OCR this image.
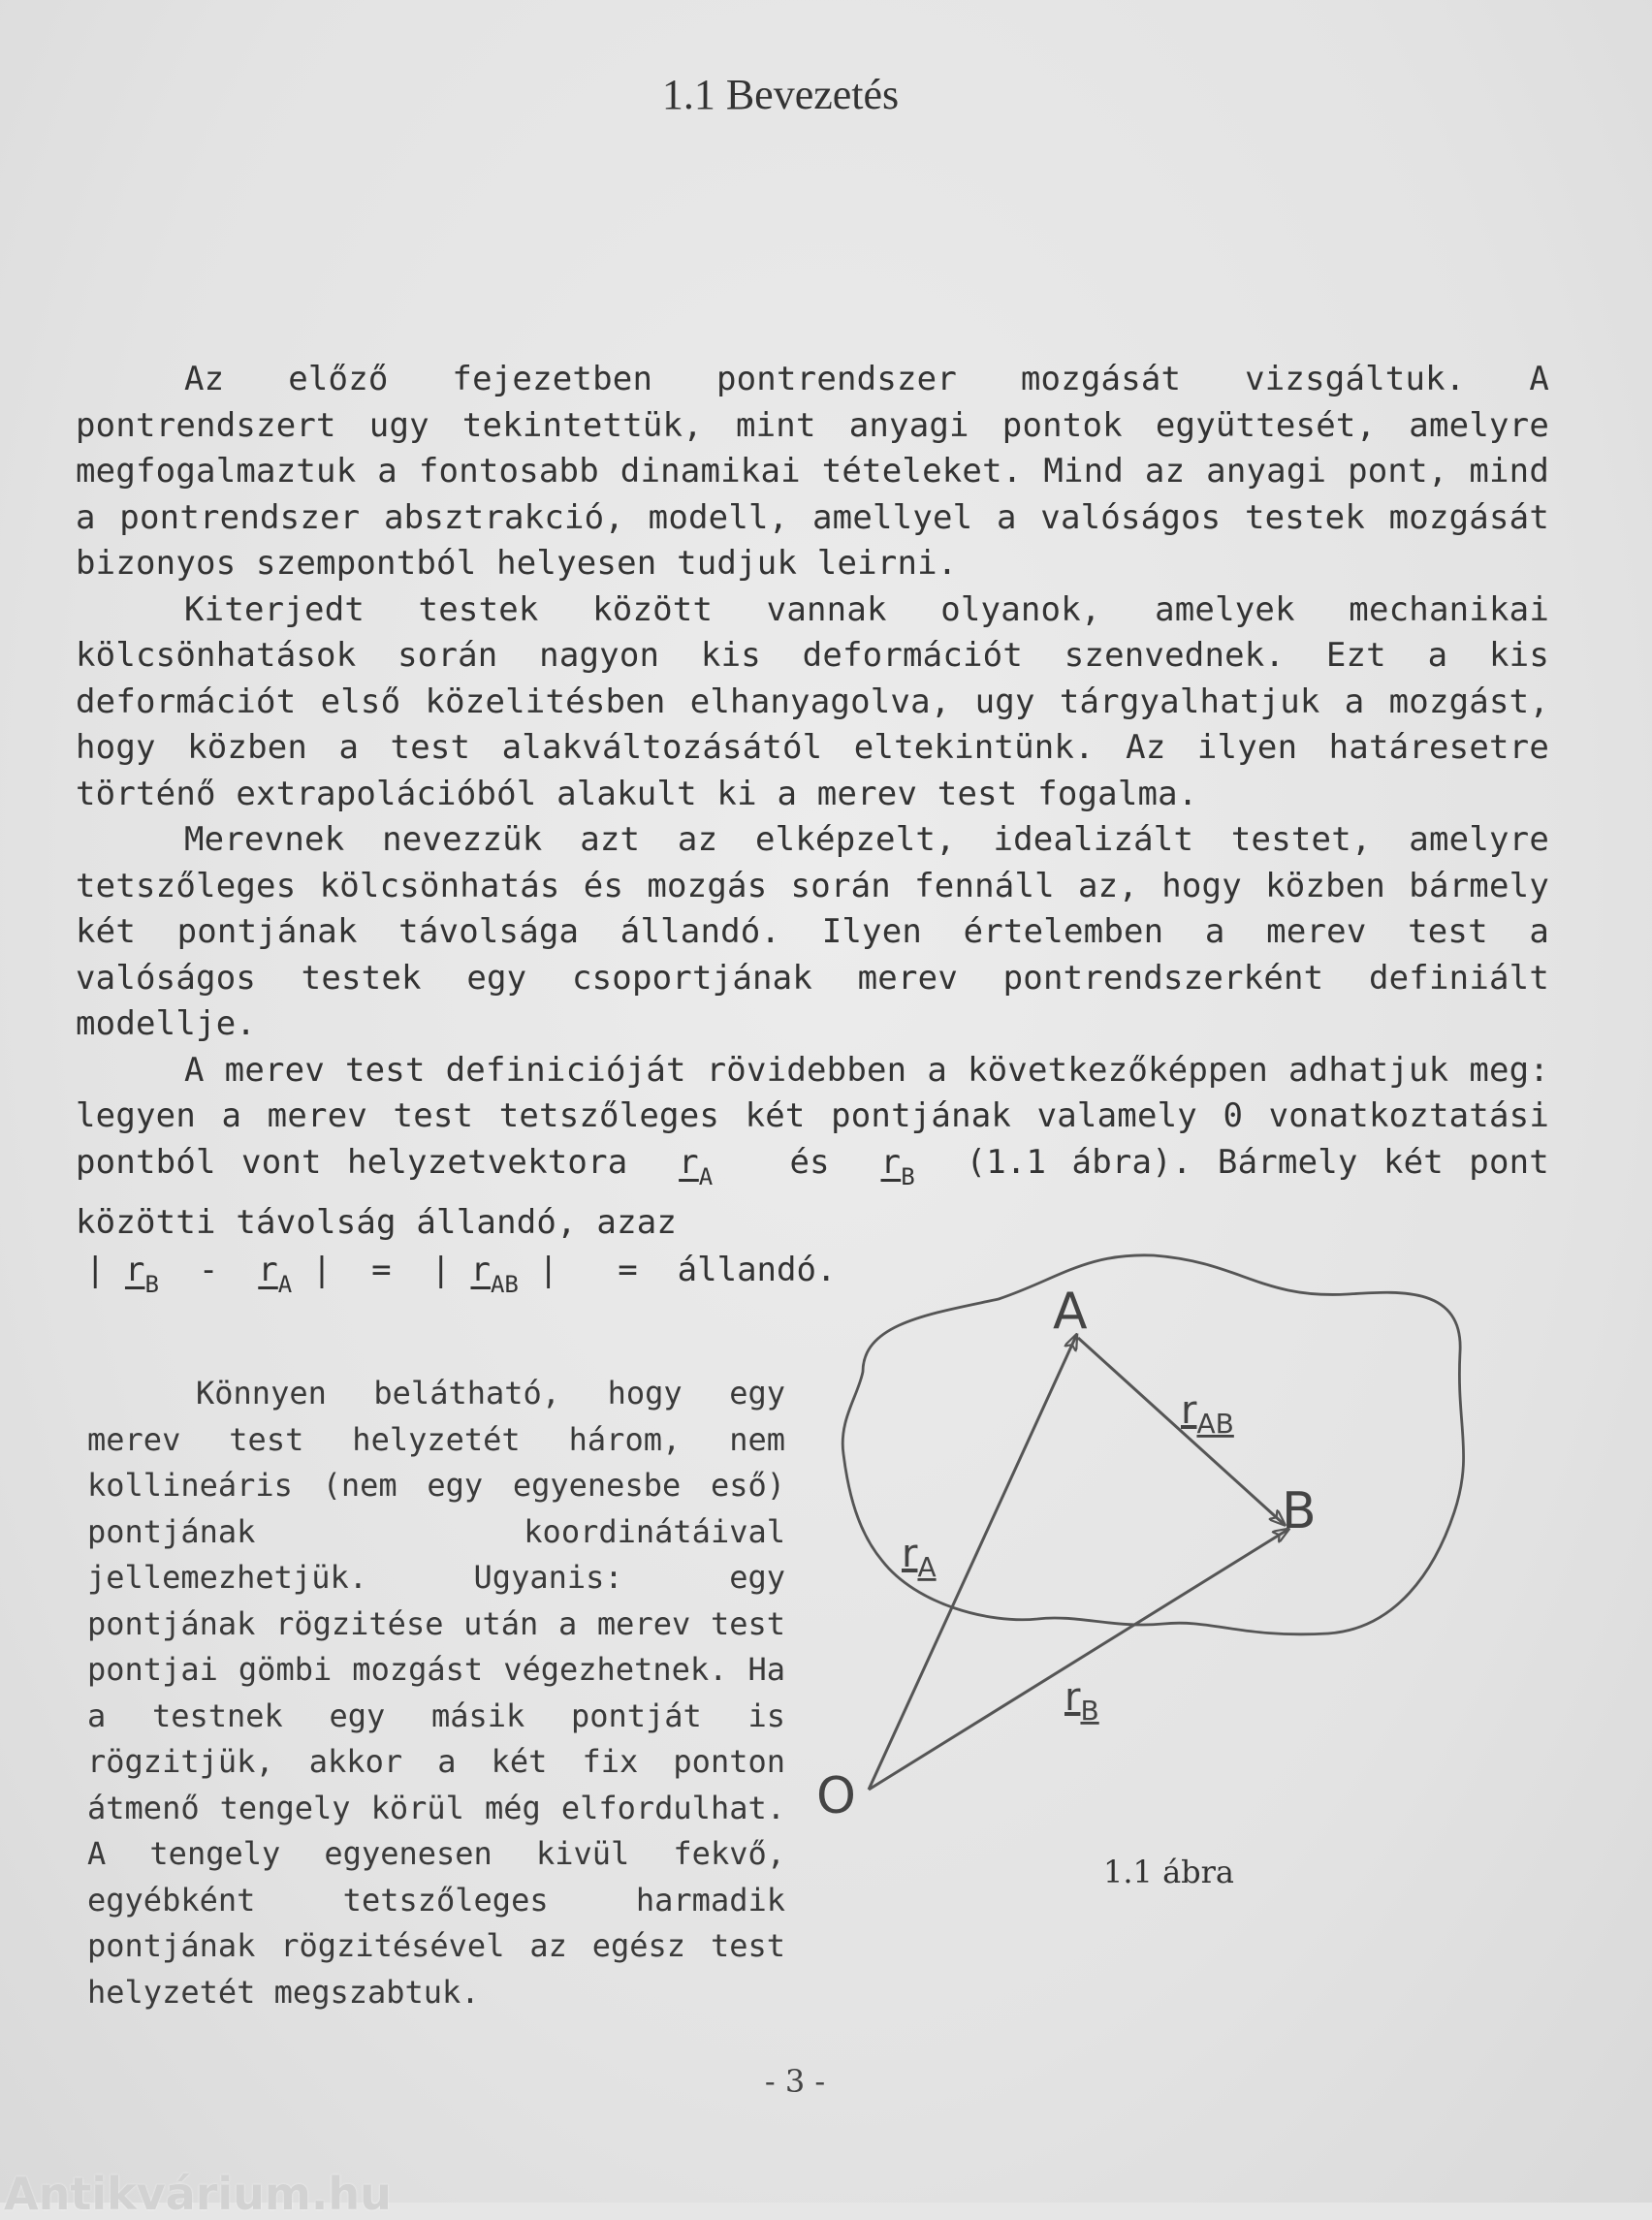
1.1 Bevezetés

Az előző fejezetben pontrendszer mozgását vizsgáltuk. A pontrendszert ugy tekintettük, mint anyagi pontok együttesét, amelyre megfogalmaztuk a fontosabb dinamikai tételeket. Mind az anyagi pont, mind a pontrendszer absztrakció, modell, amellyel a valóságos testek mozgását bizonyos szempontból helyesen tudjuk leirni.

Kiterjedt testek között vannak olyanok, amelyek mechanikai kölcsönhatások során nagyon kis deformációt szenvednek. Ezt a kis deformációt első közelitésben elhanyagolva, ugy tárgyalhatjuk a mozgást, hogy közben a test alakváltozásától eltekintünk. Az ilyen határesetre történő extrapolációból alakult ki a merev test fogalma.

Merevnek nevezzük azt az elképzelt, idealizált testet, amelyre tetszőleges kölcsönhatás és mozgás során fennáll az, hogy közben bármely két pontjának távolsága állandó. Ilyen értelemben a merev test a valóságos testek egy csoportjának merev pontrendszerként definiált modellje.

A merev test definicióját rövidebben a következőképpen adhatjuk meg: legyen a merev test tetszőleges két pontjának valamely 0 vonatkoztatási pontból vont helyzetvektora $r_A$ és $r_B$ (1.1 ábra). Bármely két pont közötti távolság állandó, azaz

| $r_B - r_A$ |  =  | $r_{AB}$ |   = állandó.

Könnyen belátható, hogy egy merev test helyzetét három, nem kollineáris (nem egy egyenesbe eső) pontjának koordinátáival jellemezhetjük. Ugyanis: egy pontjának rögzitése után a merev test pontjai gömbi mozgást végezhetnek. Ha a testnek egy másik pontját is rögzitjük, akkor a két fix ponton átmenő tengely körül még elfordulhat. A tengely egyenesen kivül fekvő, egyébként tetszőleges harmadik pontjának rögzitésével az egész test helyzetét megszabtuk.

A
B
O
$r_A$
$r_B$
$r_{AB}$
1.1 ábra
- 3 -
Antikvárium.hu
